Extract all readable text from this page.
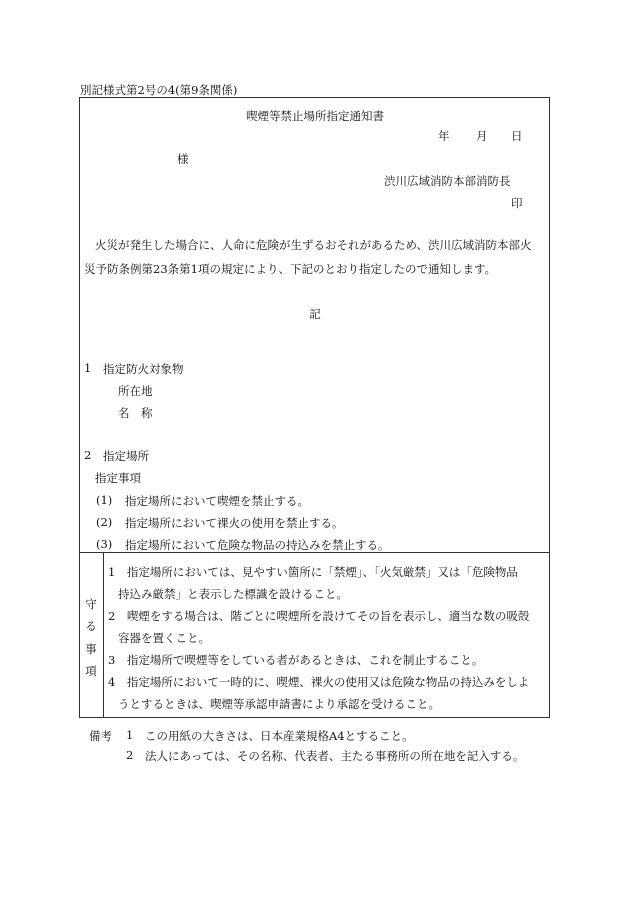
別記様式第2号の4(第9条関係)
喫煙等禁止場所指定通知書
年 月 日
様
渋川広域消防本部消防長
印
火災が発生した場合に、人命に危険が生ずるおそれがあるため、渋川広域消防本部火
災予防条例第23条第1項の規定により、下記のとおり指定したので通知します。
記
1 指定防火対象物
所在地
名　称
2 指定場所
指定事項
(1) 指定場所において喫煙を禁止する。
(2) 指定場所において裸火の使用を禁止する。
(3) 指定場所において危険な物品の持込みを禁止する。
守
る
事
項
1　指定場所においては、見やすい箇所に「禁煙」、「火気厳禁」又は「危険物品
持込み厳禁」と表示した標識を設けること。
2　喫煙をする場合は、階ごとに喫煙所を設けてその旨を表示し、適当な数の吸殻
容器を置くこと。
3　指定場所で喫煙等をしている者があるときは、これを制止すること。
4　指定場所において一時的に、喫煙、裸火の使用又は危険な物品の持込みをしよ
うとするときは、喫煙等承認申請書により承認を受けること。
備考 1 この用紙の大きさは、日本産業規格A4とすること。
2 法人にあっては、その名称、代表者、主たる事務所の所在地を記入する。
